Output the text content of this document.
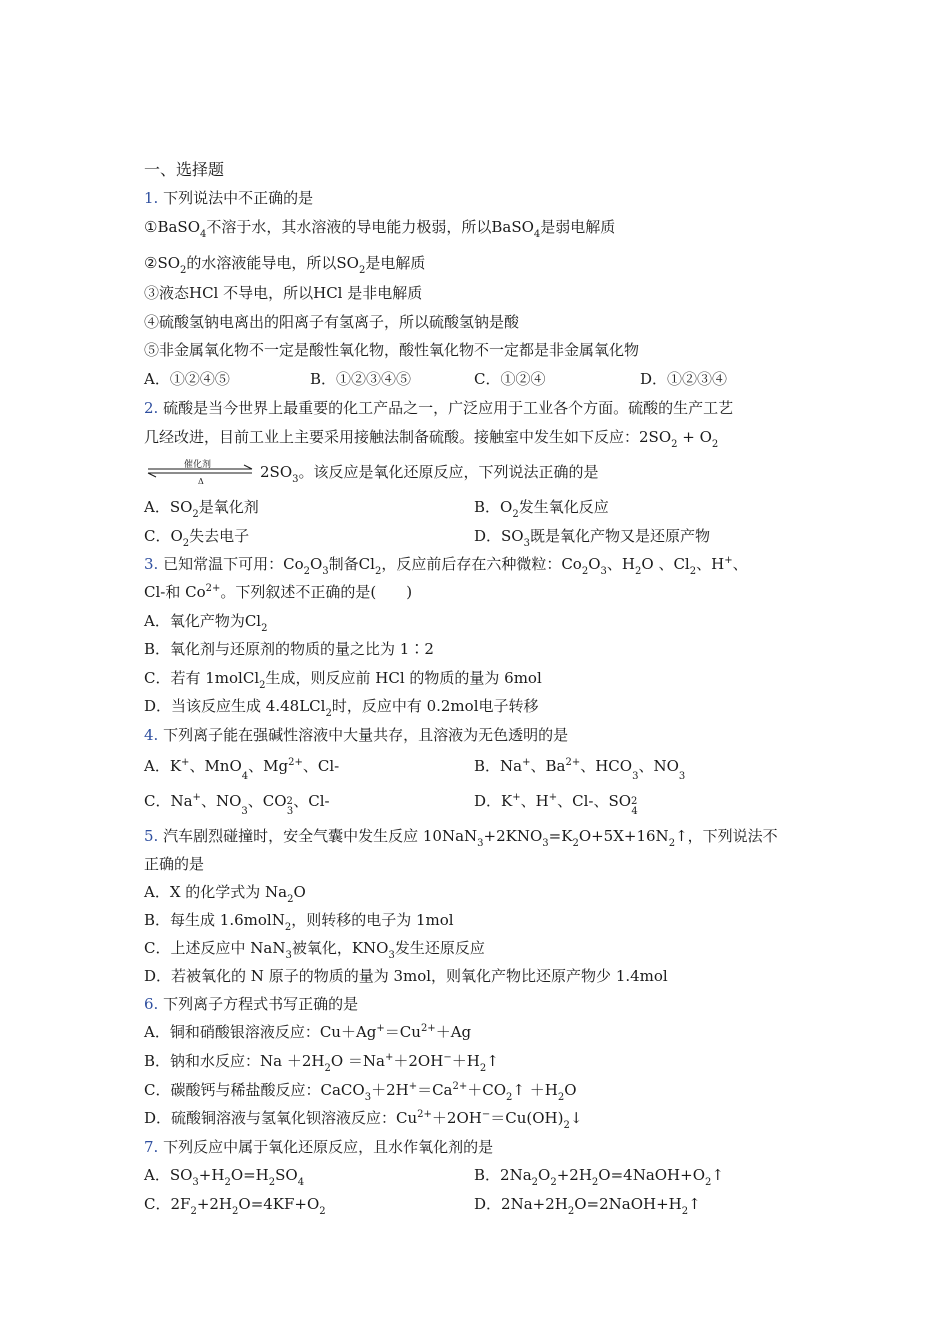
一、选择题
1. 下列说法中不正确的是
①BaSO$_4$不溶于水，其水溶液的导电能力极弱，所以BaSO$_4$是弱电解质
$②SO_2$的水溶液能导电，所以$SO_2$是电解质
③液态HCl 不导电，所以HCl 是非电解质
④硫酸氢钠电离出的阳离子有氢离子，所以硫酸氢钠是酸
⑤非金属氧化物不一定是酸性氧化物，酸性氧化物不一定都是非金属氧化物
A．①②④⑤	B．①②③④⑤	C．①②④	D．①②③④
2. 硫酸是当今世界上最重要的化工产品之一，广泛应用于工业各个方面。硫酸的生产工艺
几经改进，目前工业上主要采用接触法制备硫酸。接触室中发生如下反应：$2SO_2 + O_2$
催化剂
Δ
$2SO_3$。该反应是氧化还原反应，下列说法正确的是
A．$SO_2$是氧化剂	B．$O_2$发生氧化反应
C．$O_2$失去电子	D．$SO_3$既是氧化产物又是还原产物
3. 已知常温下可用：$Co_2O_3$制备$Cl_2$，反应前后存在六种微粒：$Co_2O_3$、$H_2O$ 、$Cl_2$、H+、
Cl-和 $Co^{2+}$。下列叙述不正确的是(　　)
A．氧化产物为$Cl_2$
B．氧化剂与还原剂的物质的量之比为 1∶2
C．若有 1molCl$_2$生成，则反应前 HCl 的物质的量为 6mol
D．当该反应生成 4.48LCl$_2$时，反应中有 0.2mol电子转移
4. 下列离子能在强碱性溶液中大量共存，且溶液为无色透明的是
A．K+、MnO$_4$、$Mg^{2+}$、Cl-	B．Na+、$Ba^{2+}$、$HCO_3$、$NO_3$
C．Na+、$NO_3$、$CO2_3$、Cl-	D．K+、H+、Cl-、$SO2_4$
5. 汽车剧烈碰撞时，安全气囊中发生反应 $10NaN_3+2KNO_3=K_2O+5X+16N_2↑$，下列说法不
正确的是
A．X 的化学式为 $Na_2O$
B．每生成 1.6molN$_2$，则转移的电子为 1mol
C．上述反应中 NaN$_3$被氧化，$KNO_3$发生还原反应
D．若被氧化的 N 原子的物质的量为 3mol，则氧化产物比还原产物少 1.4mol
6. 下列离子方程式书写正确的是
A．铜和硝酸银溶液反应：$Cu+Ag^+=Cu^{2+}+Ag$
B．钠和水反应：$Na +2H_2O$ $=Na^++2OH^-+H_2↑$
C．碳酸钙与稀盐酸反应：$CaCO_3+2H^+=Ca^{2+}+CO_2↑ +H_2O$
D．硫酸铜溶液与氢氧化钡溶液反应：$Cu^{2+}+2OH^-=Cu(OH)_2↓$
7. 下列反应中属于氧化还原反应，且水作氧化剂的是
A．$SO_3+H_2O=H_2SO_4$	B．$2Na_2O_2+2H_2O=4NaOH+O_2↑$
C．$2F_2+2H_2O=4KF+O_2$	D．$2Na+2H_2O=2NaOH+H_2↑$
